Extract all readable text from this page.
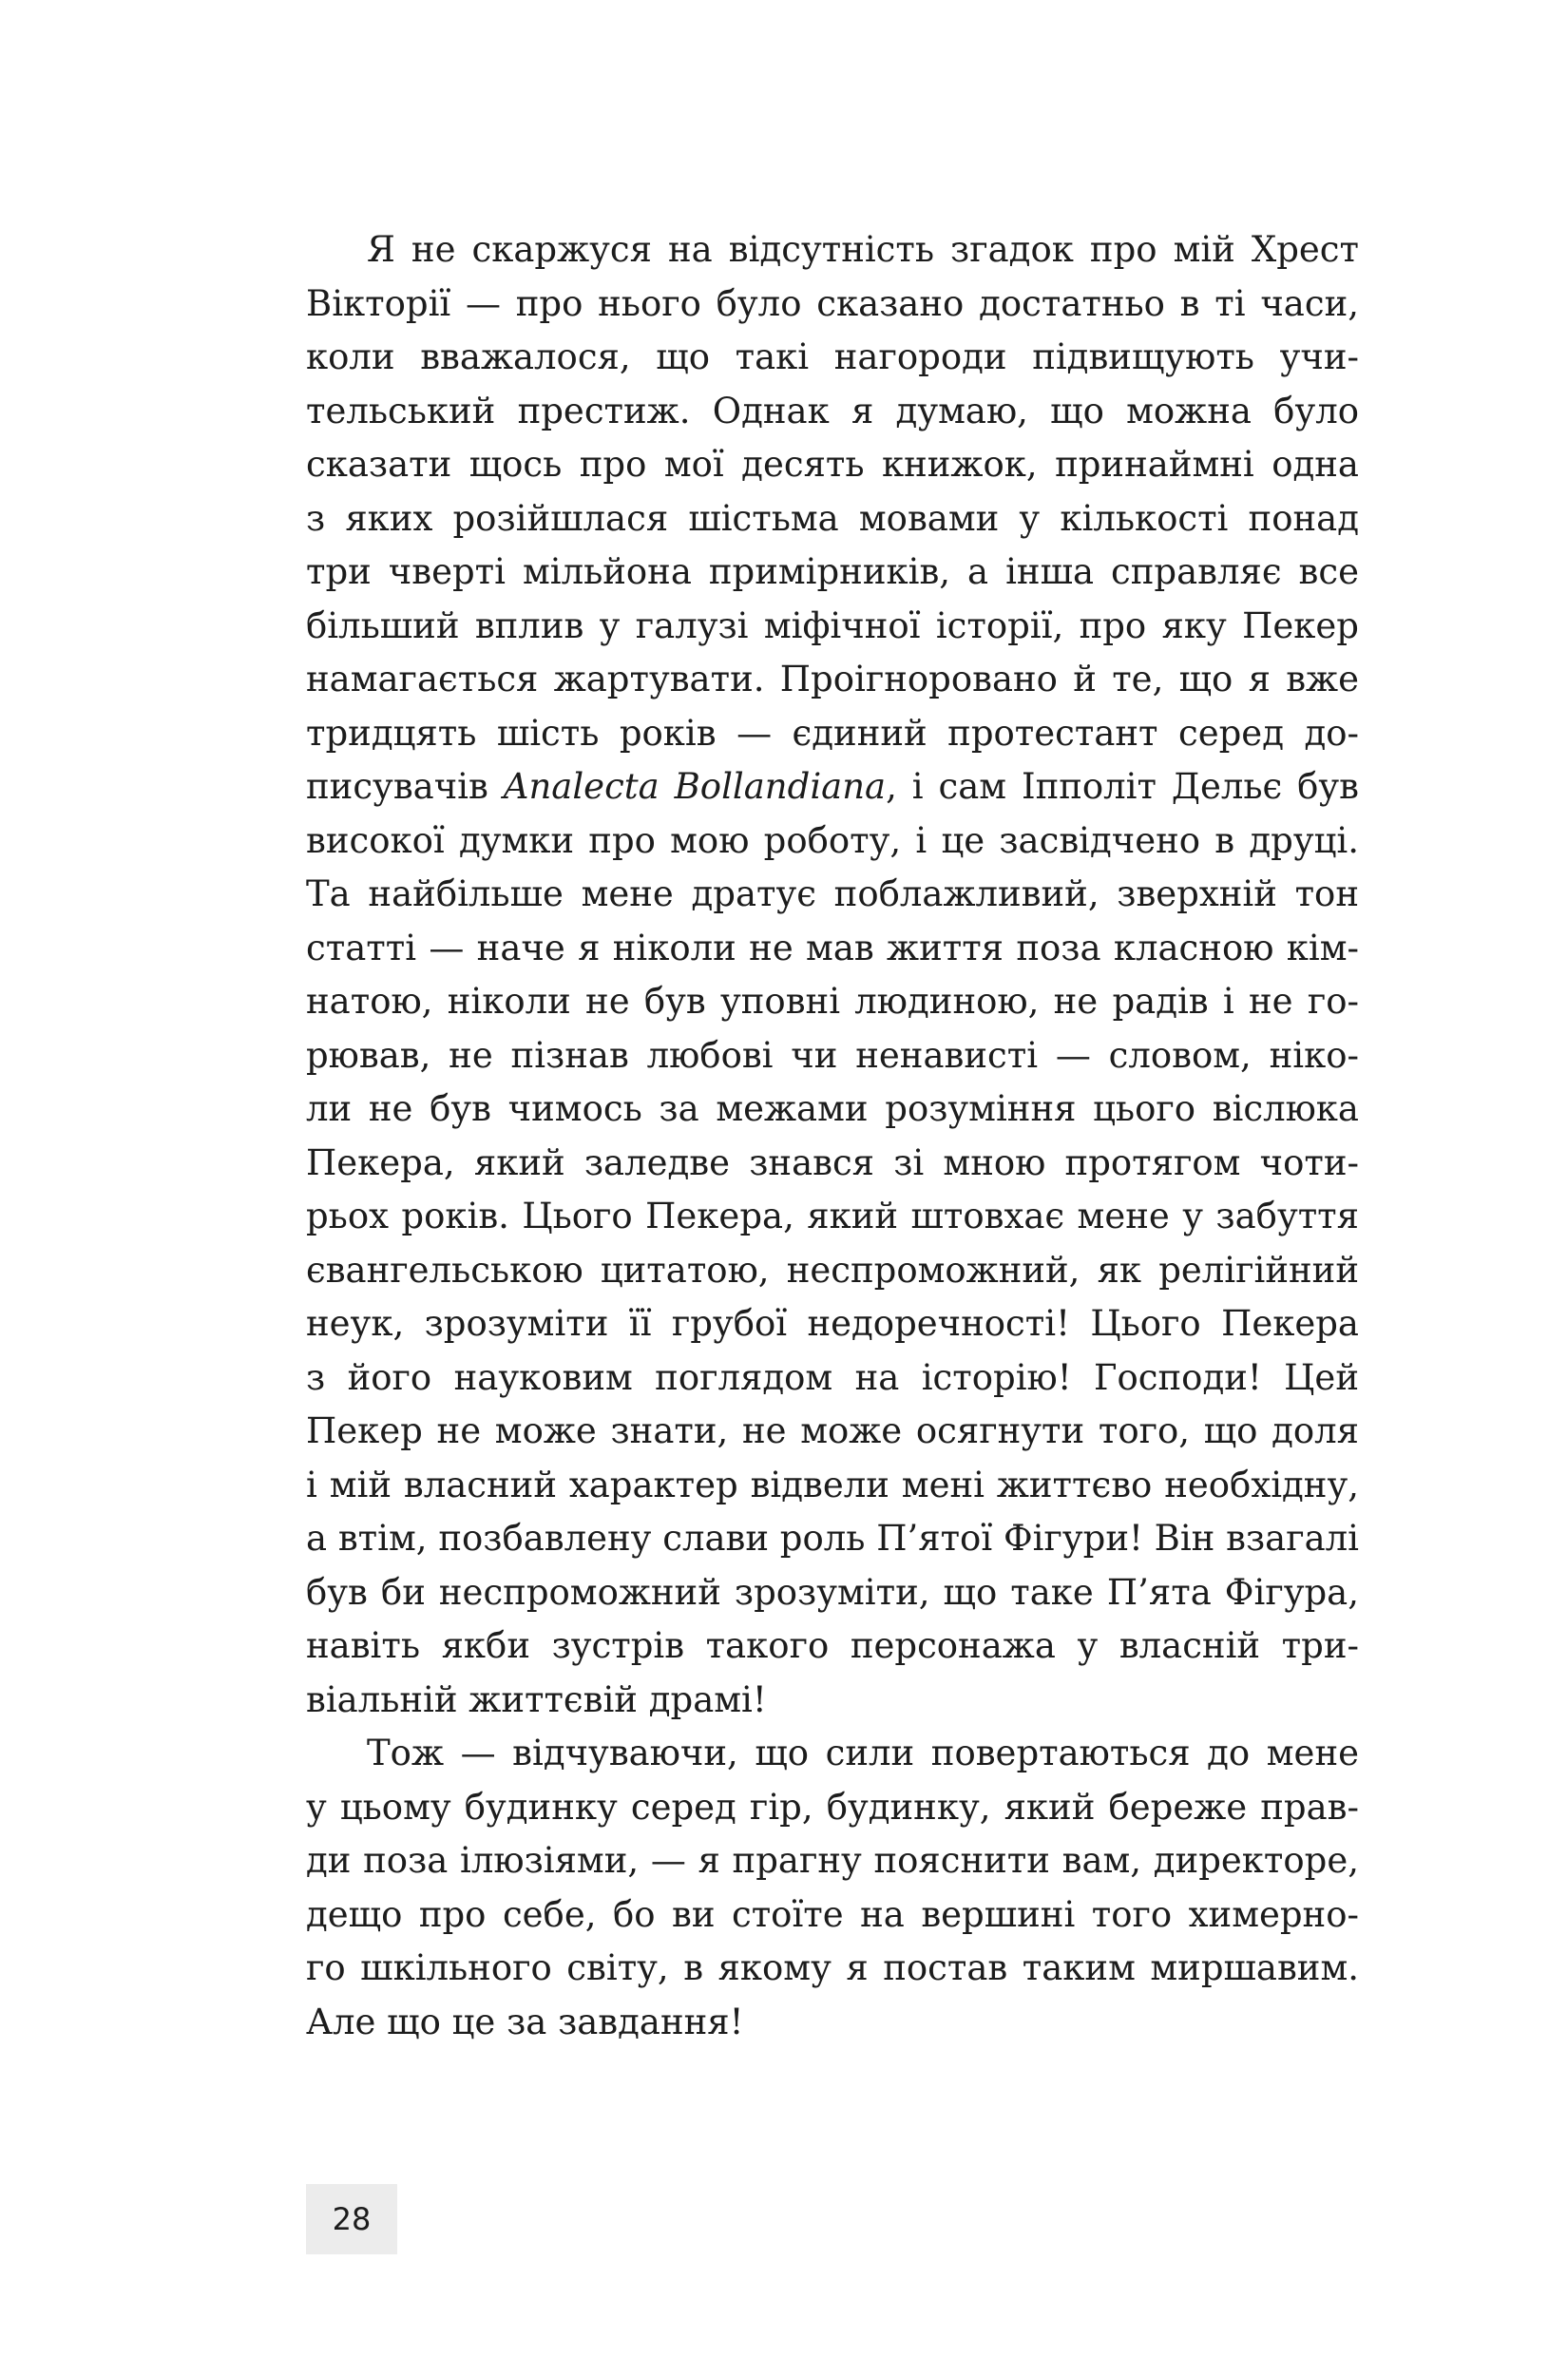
Я не скаржуся на відсутність згадок про мій Хрест
Вікторії — про нього було сказано достатньо в ті часи,
коли вважалося, що такі нагороди підвищують учи-
тельський престиж. Однак я думаю, що можна було
сказати щось про мої десять книжок, принаймні одна
з яких розійшлася шістьма мовами у кількості понад
три чверті мільйона примірників, а інша справляє все
більший вплив у галузі міфічної історії, про яку Пекер
намагається жартувати. Проігноровано й те, що я вже
тридцять шість років — єдиний протестант серед до-
писувачів Analecta Bollandiana, і сам Іпполіт Дельє був
високої думки про мою роботу, і це засвідчено в друці.
Та найбільше мене дратує поблажливий, зверхній тон
статті — наче я ніколи не мав життя поза класною кім-
натою, ніколи не був уповні людиною, не радів і не го-
рював, не пізнав любові чи ненависті — словом, ніко-
ли не був чимось за межами розуміння цього віслюка
Пекера, який заледве знався зі мною протягом чоти-
рьох років. Цього Пекера, який штовхає мене у забуття
євангельською цитатою, неспроможний, як релігійний
неук, зрозуміти її грубої недоречності! Цього Пекера
з його науковим поглядом на історію! Господи! Цей
Пекер не може знати, не може осягнути того, що доля
і мій власний характер відвели мені життєво необхідну,
а втім, позбавлену слави роль П’ятої Фігури! Він взагалі
був би неспроможний зрозуміти, що таке П’ята Фігура,
навіть якби зустрів такого персонажа у власній три-
віальній життєвій драмі!
Тож — відчуваючи, що сили повертаються до мене
у цьому будинку серед гір, будинку, який береже прав-
ди поза ілюзіями, — я прагну пояснити вам, директоре,
дещо про себе, бо ви стоїте на вершині того химерно-
го шкільного світу, в якому я постав таким миршавим.
Але що це за завдання!
28
